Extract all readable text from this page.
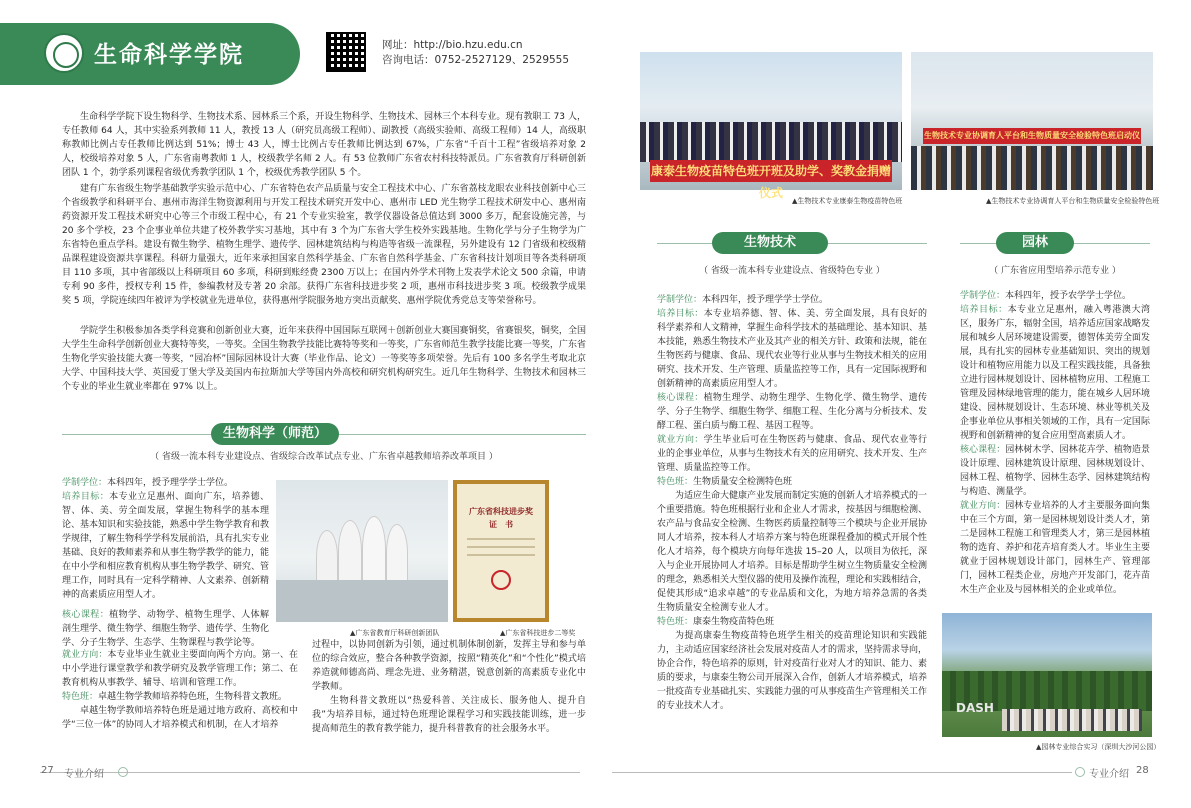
生命科学学院	网址：http://bio.hzu.edu.cn
咨询电话：0752-2527129、2529555
生命科学学院下设生物科学、生物技术系、园林系三个系，开设生物科学、生物技术、园林三个本科专业。现有教职工 73 人，专任教师 64 人，其中实验系列教师 11 人，教授 13 人（研究员高级工程师）、副教授（高级实验师、高级工程师）14 人，高级职称教师比例占专任教师比例达到 51%；博士 43 人，博士比例占专任教师比例达到 67%，广东省“千百十工程”省级培养对象 2 人，校级培养对象 5 人，广东省南粤教师 1 人，校级教学名师 2 人。有 53 位教师广东省农村科技特派员。广东省教育厅科研创新团队 1 个，勃学系列课程省级优秀教学团队 1 个，校级优秀教学团队 5 个。
建有广东省级生物学基础教学实验示范中心、广东省特色农产品质量与安全工程技术中心、广东省荔枝龙眼农业科技创新中心三个省级教学和科研平台、惠州市海洋生物资源利用与开发工程技术研究开发中心、惠州市 LED 光生物学工程技术研发中心、惠州南药资源开发工程技术研究中心等三个市级工程中心，有 21 个专业实验室，教学仪器设备总值达到 3000 多万，配套设施完善，与 20 多个学校，23 个企事业单位共建了校外教学实习基地，其中有 3 个为广东省大学生校外实践基地。生物化学与分子生物学为广东省特色重点学科。建设有微生物学、植物生理学、遗传学、园林建筑结构与构造等省级一流课程，另外建设有 12 门省级和校级精品课程建设资源共享课程。科研力量强大，近年来承担国家自然科学基金、广东省自然科学基金、广东省科技计划项目等各类科研项目 110 多项，其中省部级以上科研项目 60 多项，科研到账经费 2300 万以上；在国内外学术刊物上发表学术论文 500 余篇，申请专利 90 多件，授权专利 15 件，参编教材及专著 20 余部。获得广东省科技进步奖 2 项，惠州市科技进步奖 3 项。校级教学成果奖 5 项，学院连续四年被评为学校就业先进单位，获得惠州学院服务地方突出贡献奖、惠州学院优秀党总支等荣誉称号。
学院学生积极参加各类学科竞赛和创新创业大赛，近年来获得中国国际互联网＋创新创业大赛国赛铜奖，省赛银奖，铜奖，全国大学生生命科学创新创业大赛特等奖，一等奖。全国生物教学技能比赛特等奖和一等奖，广东省师范生教学技能比赛一等奖，广东省生物化学实验技能大赛一等奖，“园冶杯”国际园林设计大赛（毕业作品、论文）一等奖等多项荣誉。先后有 100 多名学生考取北京大学、中国科技大学、英国爱丁堡大学及美国内布拉斯加大学等国内外高校和研究机构研究生。近几年生物科学、生物技术和园林三个专业的毕业生就业率都在 97% 以上。
生物科学（师范）
（ 省级一流本科专业建设点、省级综合改革试点专业、广东省卓越教师培养改革项目 ）
学制学位：本科四年，授予理学学士学位。
培养目标：本专业立足惠州、面向广东，培养德、智、体、美、劳全面发展，掌握生物科学的基本理论、基本知识和实验技能，熟悉中学生物学教育和教学规律，了解生物科学学科发展前沿，具有扎实专业基础、良好的教师素养和从事生物学教学的能力，能在中小学和相应教育机构从事生物学教学、研究、管理工作，同时具有一定科学精神、人文素养、创新精神的高素质应用型人才。
核心课程：植物学、动物学、植物生理学、人体解剖生理学、微生物学、细胞生物学、遗传学、生物化学、分子生物学、生态学、生物课程与教学论等。
就业方向：本专业毕业生就业主要面向两个方向。第一、在中小学进行课堂教学和教学研究及教学管理工作；第二、在教育机构从事教学、辅导、培训和管理工作。
特色班：卓越生物学教师培养特色班，生物科普文教班。
卓越生物学教师培养特色班是通过地方政府、高校和中学“三位一体”的协同人才培养模式和机制，在人才培养
过程中，以协同创新为引领，通过机制体制创新，发挥主导和参与单位的综合效应，整合各种教学资源，按照“精英化”和“个性化”模式培养造就师德高尚、理念先进、业务精湛，锐意创新的高素质专业化中学教师。
生物科普文教班以“热爱科普、关注成长、服务他人、提升自我”为培养目标，通过特色班理论课程学习和实践技能训练，进一步提高师范生的教育教学能力，提升科普教育的社会服务水平。
▲广东省教育厅科研创新团队
广东省科技进步奖
证　书
▲广东省科技进步二等奖
康泰生物疫苗特色班开班及助学、奖教金捐赠仪式
▲生物技术专业康泰生物疫苗特色班
生物技术专业协调育人平台和生物质量安全检验特色班启动仪
▲生物技术专业协调育人平台和生物质量安全检验特色班
生物技术
（ 省级一流本科专业建设点、省级特色专业 ）
学制学位：本科四年，授予理学学士学位。
培养目标：本专业培养德、智、体、美、劳全面发展，具有良好的科学素养和人文精神，掌握生命科学技术的基础理论、基本知识、基本技能，熟悉生物技术产业及其产业的相关方针、政策和法规，能在生物医药与健康、食品、现代农业等行业从事与生物技术相关的应用研究、技术开发、生产管理、质量监控等工作，具有一定国际视野和创新精神的高素质应用型人才。
核心课程：植物生理学、动物生理学、生物化学、微生物学、遗传学、分子生物学、细胞生物学、细胞工程、生化分离与分析技术、发酵工程、蛋白质与酶工程、基因工程等。
就业方向：学生毕业后可在生物医药与健康、食品、现代农业等行业的企事业单位，从事与生物技术有关的应用研究、技术开发、生产管理、质量监控等工作。
特色班：生物质量安全检测特色班
为适应生命大健康产业发展而制定实施的创新人才培养模式的一个重要措施。特色班根据行业和企业人才需求，按基因与细胞检测、农产品与食品安全检测、生物医药质量控制等三个模块与企业开展协同人才培养，按本科人才培养方案与特色班课程叠加的模式开展个性化人才培养，每个模块方向每年选拔 15–20 人，以项目为依托，深入与企业开展协同人才培养。目标是帮助学生树立生物质量安全检测的理念，熟悉相关大型仪器的使用及操作流程，理论和实践相结合，促使其形成“追求卓越”的专业品质和文化，为地方培养急需的各类生物质量安全检测专业人才。
特色班：康泰生物疫苗特色班
为提高康泰生物疫苗特色班学生相关的疫苗理论知识和实践能力，主动适应国家经济社会发展对疫苗人才的需求，坚持需求导向，协企合作，特色培养的原则，针对疫苗行业对人才的知识、能力、素质的要求，与康泰生物公司开展深入合作，创新人才培养模式，培养一批疫苗专业基础扎实、实践能力强的可从事疫苗生产管理相关工作的专业技术人才。
园林
（ 广东省应用型培养示范专业 ）
学制学位：本科四年，授予农学学士学位。
培养目标：本专业立足惠州，融入粤港澳大湾区，服务广东，辐射全国，培养适应国家战略发展和城乡人居环境建设需要，德智体美劳全面发展，具有扎实的园林专业基础知识、突出的规划设计和植物应用能力以及工程实践技能，具备独立进行园林规划设计、园林植物应用、工程施工管理及园林绿地管理的能力，能在城乡人居环境建设、园林规划设计、生态环境、林业等机关及企事业单位从事相关领域的工作，具有一定国际视野和创新精神的复合应用型高素质人才。
核心课程：园林树木学、园林花卉学、植物造景设计原理、园林建筑设计原理、园林规划设计、园林工程、植物学、园林生态学、园林建筑结构与构造、测量学。
就业方向：园林专业培养的人才主要服务面向集中在三个方面，第一是园林规划设计类人才，第二是园林工程施工和管理类人才，第三是园林植物的选育、养护和花卉培育类人才。毕业生主要就业于园林规划设计部门，园林生产、管理部门，园林工程类企业，房地产开发部门，花卉苗木生产企业及与园林相关的企业或单位。
DASH
▲园林专业综合实习（深圳大沙河公园）
27 专业介绍	专业介绍 28
